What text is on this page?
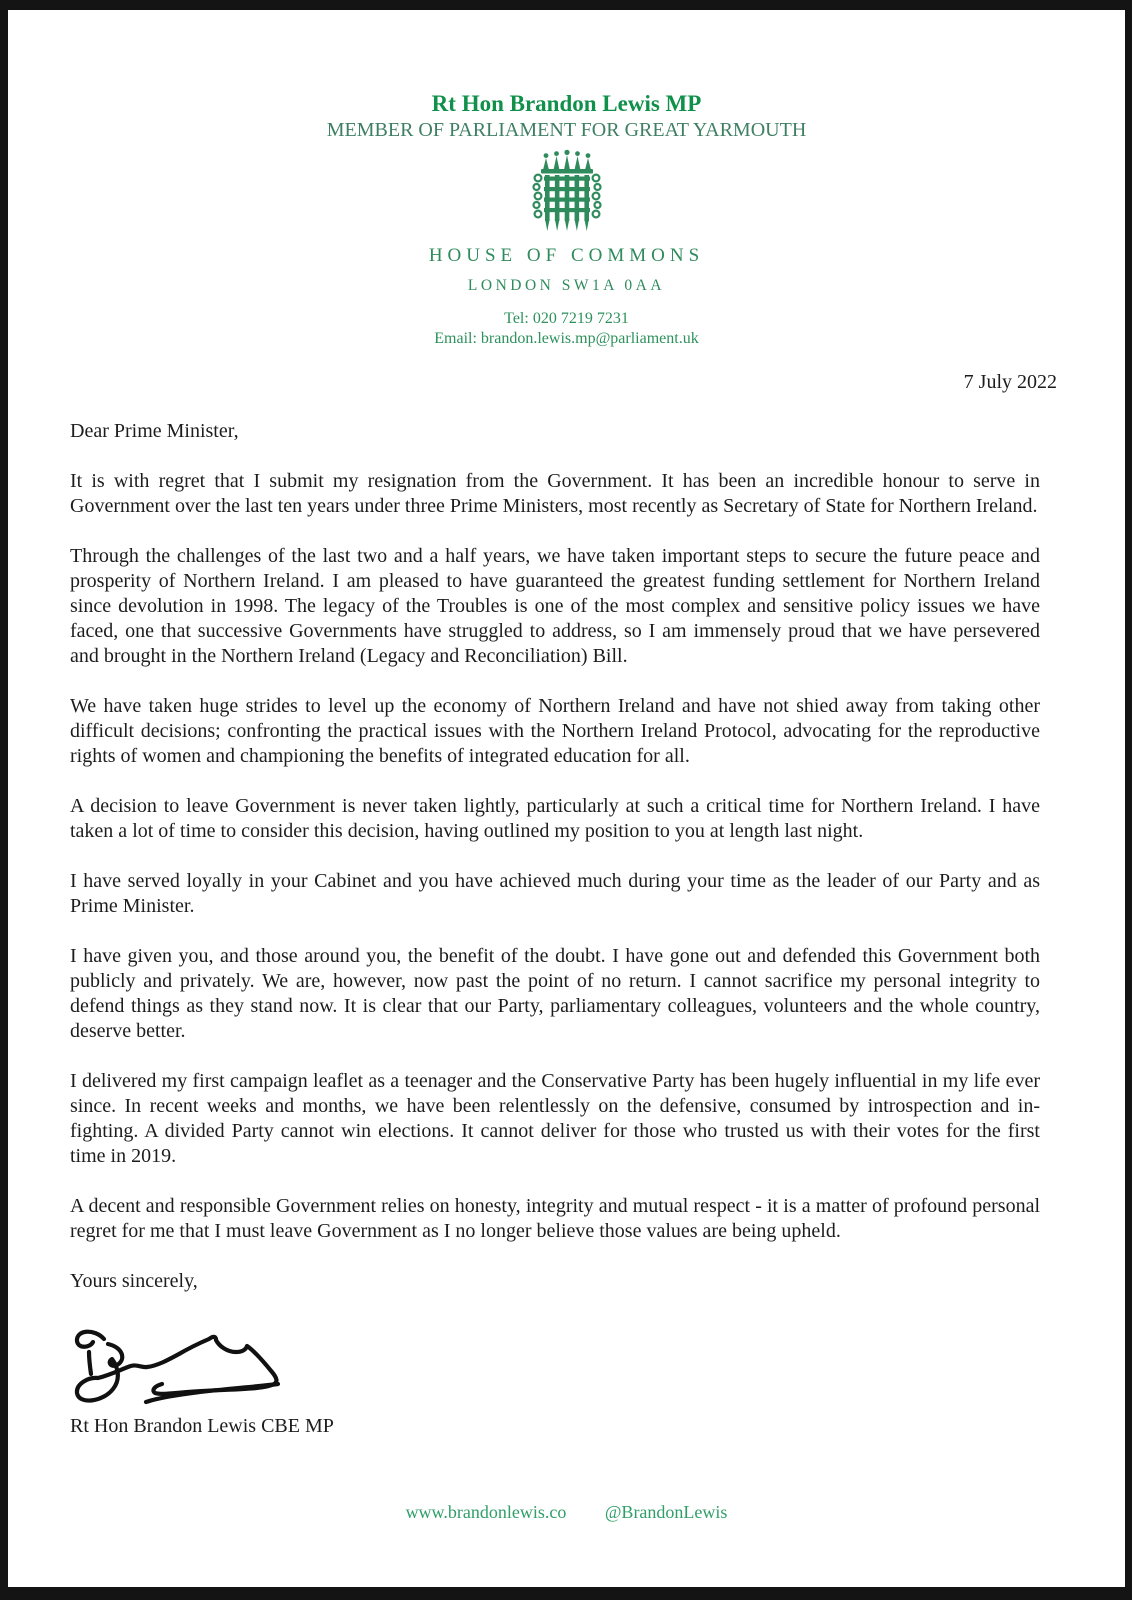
Rt Hon Brandon Lewis MP
MEMBER OF PARLIAMENT FOR GREAT YARMOUTH
HOUSE OF COMMONS
LONDON SW1A 0AA
Tel: 020 7219 7231
Email: brandon.lewis.mp@parliament.uk
7 July 2022
Dear Prime Minister,

It is with regret that I submit my resignation from the Government. It has been an incredible honour to serve in Government over the last ten years under three Prime Ministers, most recently as Secretary of State for Northern Ireland.

Through the challenges of the last two and a half years, we have taken important steps to secure the future peace and prosperity of Northern Ireland. I am pleased to have guaranteed the greatest funding settlement for Northern Ireland since devolution in 1998. The legacy of the Troubles is one of the most complex and sensitive policy issues we have faced, one that successive Governments have struggled to address, so I am immensely proud that we have persevered and brought in the Northern Ireland (Legacy and Reconciliation) Bill.

We have taken huge strides to level up the economy of Northern Ireland and have not shied away from taking other difficult decisions; confronting the practical issues with the Northern Ireland Protocol, advocating for the reproductive rights of women and championing the benefits of integrated education for all.

A decision to leave Government is never taken lightly, particularly at such a critical time for Northern Ireland. I have taken a lot of time to consider this decision, having outlined my position to you at length last night.

I have served loyally in your Cabinet and you have achieved much during your time as the leader of our Party and as Prime Minister.

I have given you, and those around you, the benefit of the doubt. I have gone out and defended this Government both publicly and privately. We are, however, now past the point of no return. I cannot sacrifice my personal integrity to defend things as they stand now. It is clear that our Party, parliamentary colleagues, volunteers and the whole country, deserve better.

I delivered my first campaign leaflet as a teenager and the Conservative Party has been hugely influential in my life ever since. In recent weeks and months, we have been relentlessly on the defensive, consumed by introspection and in-fighting. A divided Party cannot win elections. It cannot deliver for those who trusted us with their votes for the first time in 2019.

A decent and responsible Government relies on honesty, integrity and mutual respect - it is a matter of profound personal regret for me that I must leave Government as I no longer believe those values are being upheld.

Yours sincerely,
Rt Hon Brandon Lewis CBE MP
www.brandonlewis.co @BrandonLewis
